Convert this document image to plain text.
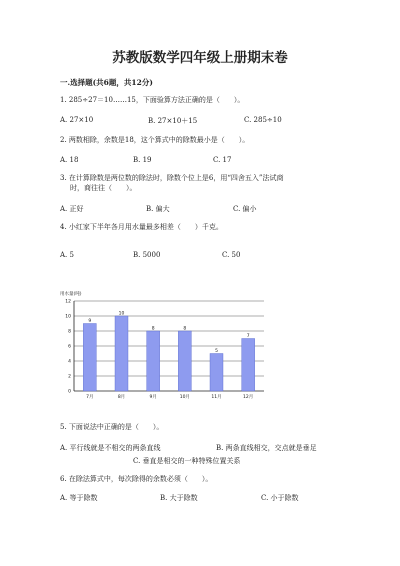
苏教版数学四年级上册期末卷
一.选择题(共6题，共12分)
1. 285÷27＝10……15，下面验算方法正确的是（　　）。
A. 27×10	B. 27×10＋15	C. 285÷10
2. 两数相除，余数是18，这个算式中的除数最小是（　　）。
A. 18	B. 19	C. 17
3. 在计算除数是两位数的除法时，除数个位上是6，用“四舍五入”法试商
时，商往往（　　）。
A. 正好	B. 偏大	C. 偏小
4. 小红家下半年各月用水量最多相差（　　）千克。
A. 5	B. 5000	C. 50
用水量(吨)
9
10
8	8
5
7
7月	8月	9月	10月	11月	12月
0
2
4
6
8
10
12
5. 下面说法中正确的是（　　）。
A. 平行线就是不相交的两条直线	B. 两条直线相交，交点就是垂足
C. 垂直是相交的一种特殊位置关系
6. 在除法算式中，每次除得的余数必须（　　）。
A. 等于除数	B. 大于除数	C. 小于除数
